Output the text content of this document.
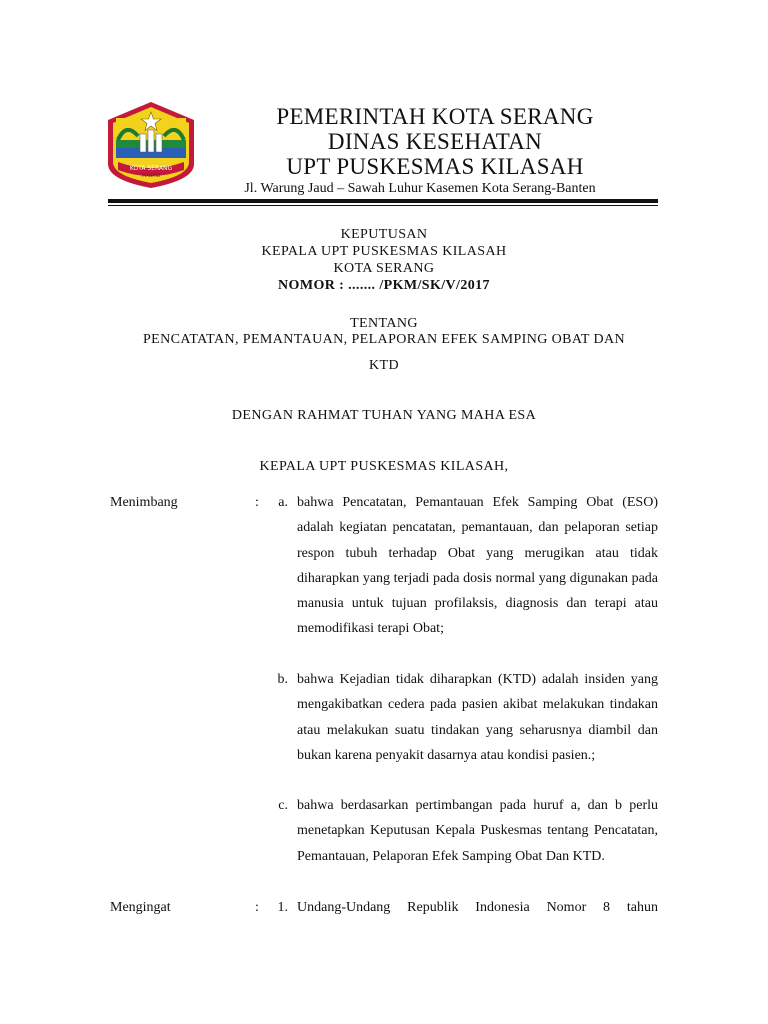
KOTA SERANG
MADANI
PEMERINTAH KOTA SERANG
DINAS KESEHATAN
UPT PUSKESMAS KILASAH
Jl. Warung Jaud – Sawah Luhur Kasemen Kota Serang-Banten
KEPUTUSAN
KEPALA UPT PUSKESMAS KILASAH
KOTA SERANG
NOMOR : ....... /PKM/SK/V/2017
TENTANG
PENCATATAN, PEMANTAUAN, PELAPORAN EFEK SAMPING OBAT DAN
KTD
DENGAN RAHMAT TUHAN YANG MAHA ESA
KEPALA UPT PUSKESMAS KILASAH,
Menimbang	:	a. bahwa Pencatatan, Pemantauan Efek Samping Obat (ESO) adalah kegiatan pencatatan, pemantauan, dan pelaporan setiap respon tubuh terhadap Obat yang merugikan atau tidak diharapkan yang terjadi pada dosis normal yang digunakan pada manusia untuk tujuan profilaksis, diagnosis dan terapi atau memodifikasi terapi Obat;
b. bahwa Kejadian tidak diharapkan (KTD) adalah insiden yang mengakibatkan cedera pada pasien akibat melakukan tindakan atau melakukan suatu tindakan yang seharusnya diambil dan bukan karena penyakit dasarnya atau kondisi pasien.;
c. bahwa berdasarkan pertimbangan pada huruf a, dan b perlu menetapkan Keputusan Kepala Puskesmas tentang Pencatatan, Pemantauan, Pelaporan Efek Samping Obat Dan KTD.
Mengingat	:	1. Undang-Undang Republik Indonesia Nomor 8 tahun
